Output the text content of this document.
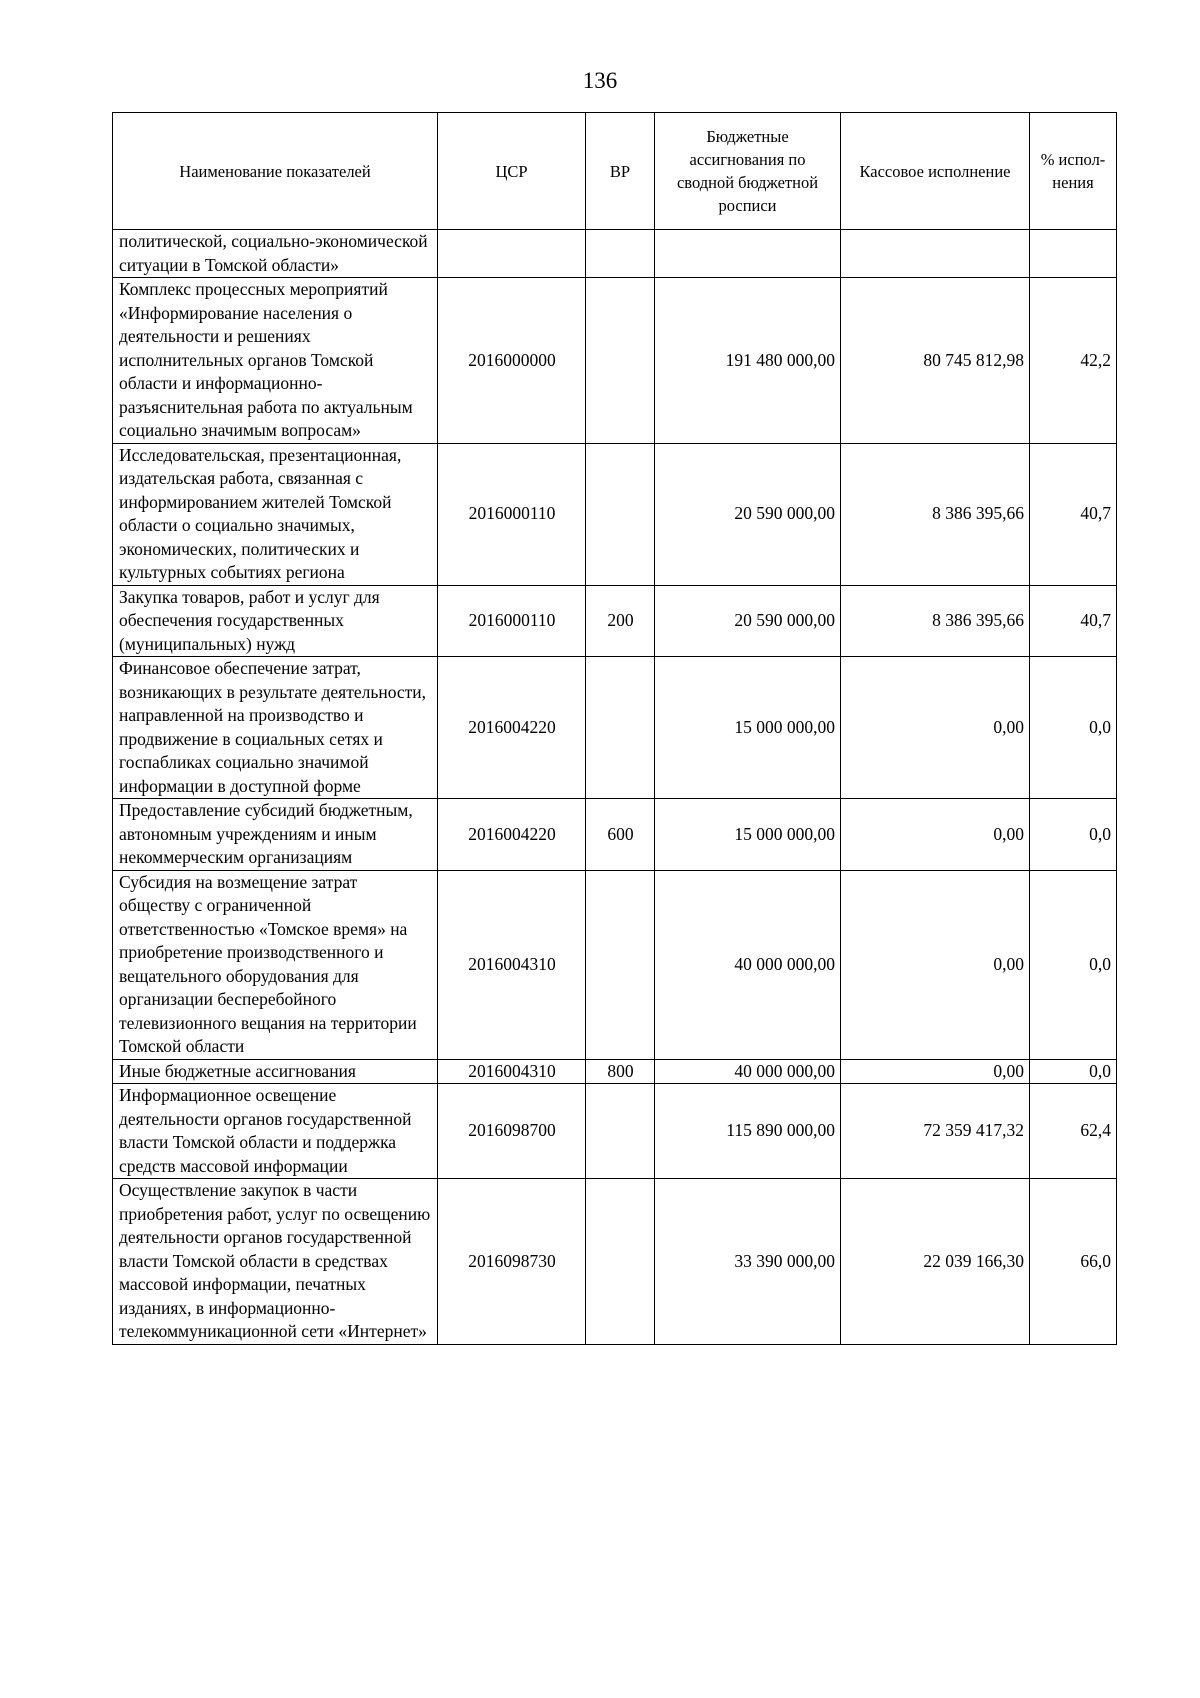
136
Наименование показателей	ЦСР	ВР	Бюджетные ассигнования по сводной бюджетной росписи	Кассовое исполнение	% испол-нения
политической, социально-экономической ситуации в Томской области»					
Комплекс процессных мероприятий «Информирование населения о деятельности и решениях исполнительных органов Томской области и информационно-разъяснительная работа по актуальным социально значимым вопросам»	2016000000		191 480 000,00	80 745 812,98	42,2
Исследовательская, презентационная, издательская работа, связанная с информированием жителей Томской области о социально значимых, экономических, политических и культурных событиях региона	2016000110		20 590 000,00	8 386 395,66	40,7
Закупка товаров, работ и услуг для обеспечения государственных (муниципальных) нужд	2016000110	200	20 590 000,00	8 386 395,66	40,7
Финансовое обеспечение затрат, возникающих в результате деятельности, направленной на производство и продвижение в социальных сетях и госпабликах социально значимой информации в доступной форме	2016004220		15 000 000,00	0,00	0,0
Предоставление субсидий бюджетным, автономным учреждениям и иным некоммерческим организациям	2016004220	600	15 000 000,00	0,00	0,0
Субсидия на возмещение затрат обществу с ограниченной ответственностью «Томское время» на приобретение производственного и вещательного оборудования для организации бесперебойного телевизионного вещания на территории Томской области	2016004310		40 000 000,00	0,00	0,0
Иные бюджетные ассигнования	2016004310	800	40 000 000,00	0,00	0,0
Информационное освещение деятельности органов государственной власти Томской области и поддержка средств массовой информации	2016098700		115 890 000,00	72 359 417,32	62,4
Осуществление закупок в части приобретения работ, услуг по освещению деятельности органов государственной власти Томской области в средствах массовой информации, печатных изданиях, в информационно-телекоммуникационной сети «Интернет»	2016098730		33 390 000,00	22 039 166,30	66,0
